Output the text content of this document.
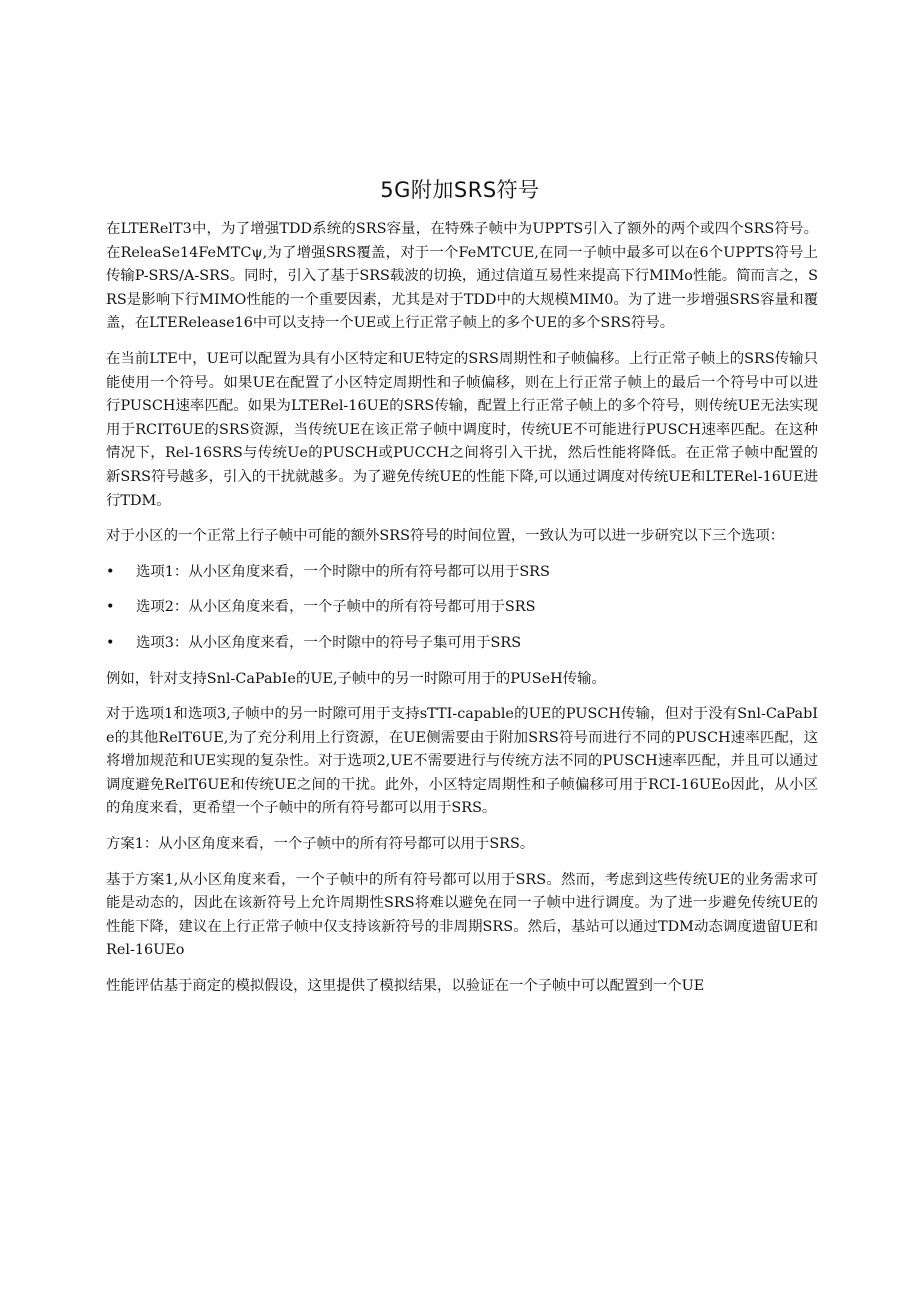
5G附加SRS符号

在LTERelT3中，为了增强TDD系统的SRS容量，在特殊子帧中为UPPTS引入了额外的两个或四个SRS符号。在ReleaSe14FeMTCψ,为了增强SRS覆盖，对于一个FeMTCUE,在同一子帧中最多可以在6个UPPTS符号上传输P-SRS/A-SRS。同时，引入了基于SRS载波的切换，通过信道互易性来提高下行MIMo性能。简而言之，SRS是影响下行MIMO性能的一个重要因素，尤其是对于TDD中的大规模MIM0。为了进一步增强SRS容量和覆盖，在LTERelease16中可以支持一个UE或上行正常子帧上的多个UE的多个SRS符号。

在当前LTE中，UE可以配置为具有小区特定和UE特定的SRS周期性和子帧偏移。上行正常子帧上的SRS传输只能使用一个符号。如果UE在配置了小区特定周期性和子帧偏移，则在上行正常子帧上的最后一个符号中可以进行PUSCH速率匹配。如果为LTERel-16UE的SRS传输，配置上行正常子帧上的多个符号，则传统UE无法实现用于RCIT6UE的SRS资源，当传统UE在该正常子帧中调度时，传统UE不可能进行PUSCH速率匹配。在这种情况下，Rel-16SRS与传统Ue的PUSCH或PUCCH之间将引入干扰，然后性能将降低。在正常子帧中配置的新SRS符号越多，引入的干扰就越多。为了避免传统UE的性能下降,可以通过调度对传统UE和LTERel-16UE进行TDM。

对于小区的一个正常上行子帧中可能的额外SRS符号的时间位置，一致认为可以进一步研究以下三个选项：

• 选项1：从小区角度来看，一个时隙中的所有符号都可以用于SRS
• 选项2：从小区角度来看，一个子帧中的所有符号都可用于SRS
• 选项3：从小区角度来看，一个时隙中的符号子集可用于SRS

例如，针对支持Snl-CaPabIe的UE,子帧中的另一时隙可用于的PUSeH传输。

对于选项1和选项3,子帧中的另一时隙可用于支持sTTI-capable的UE的PUSCH传输，但对于没有Snl-CaPabIe的其他RelT6UE,为了充分利用上行资源，在UE侧需要由于附加SRS符号而进行不同的PUSCH速率匹配，这将增加规范和UE实现的复杂性。对于选项2,UE不需要进行与传统方法不同的PUSCH速率匹配，并且可以通过调度避免RelT6UE和传统UE之间的干扰。此外，小区特定周期性和子帧偏移可用于RCI-16UEo因此，从小区的角度来看，更希望一个子帧中的所有符号都可以用于SRS。

方案1：从小区角度来看，一个子帧中的所有符号都可以用于SRS。

基于方案1,从小区角度来看，一个子帧中的所有符号都可以用于SRS。然而，考虑到这些传统UE的业务需求可能是动态的，因此在该新符号上允许周期性SRS将难以避免在同一子帧中进行调度。为了进一步避免传统UE的性能下降，建议在上行正常子帧中仅支持该新符号的非周期SRS。然后，基站可以通过TDM动态调度遗留UE和Rel-16UEo

性能评估基于商定的模拟假设，这里提供了模拟结果，以验证在一个子帧中可以配置到一个UE
